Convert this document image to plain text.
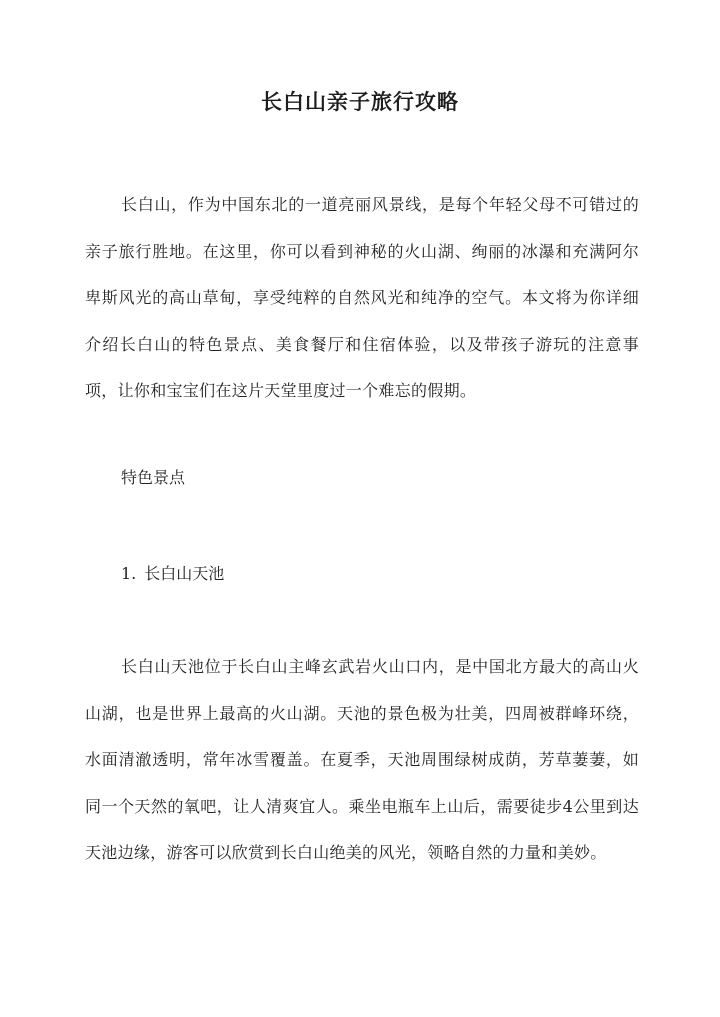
长白山亲子旅行攻略

长白山，作为中国东北的一道亮丽风景线，是每个年轻父母不可错过的亲子旅行胜地。在这里，你可以看到神秘的火山湖、绚丽的冰瀑和充满阿尔卑斯风光的高山草甸，享受纯粹的自然风光和纯净的空气。本文将为你详细介绍长白山的特色景点、美食餐厅和住宿体验，以及带孩子游玩的注意事项，让你和宝宝们在这片天堂里度过一个难忘的假期。

特色景点

1. 长白山天池

长白山天池位于长白山主峰玄武岩火山口内，是中国北方最大的高山火山湖，也是世界上最高的火山湖。天池的景色极为壮美，四周被群峰环绕，水面清澈透明，常年冰雪覆盖。在夏季，天池周围绿树成荫，芳草萋萋，如同一个天然的氧吧，让人清爽宜人。乘坐电瓶车上山后，需要徒步4公里到达天池边缘，游客可以欣赏到长白山绝美的风光，领略自然的力量和美妙。
